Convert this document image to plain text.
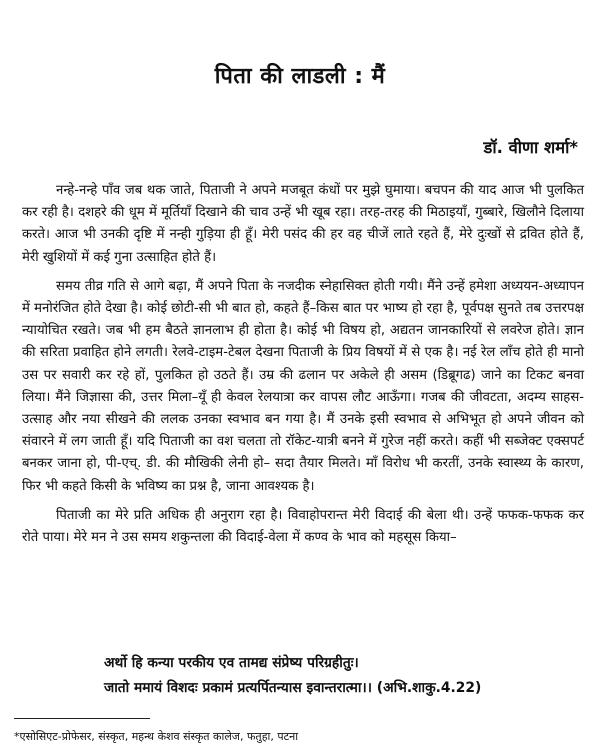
पिता की लाडली : मैं
डॉ. वीणा शर्मा*

नन्हे-नन्हे पाँव जब थक जाते, पिताजी ने अपने मजबूत कंधों पर मुझे घुमाया। बचपन की याद आज भी पुलकित कर रही है। दशहरे की धूम में मूर्तियाँ दिखाने की चाव उन्हें भी खूब रहा। तरह-तरह की मिठाइयाँ, गुब्बारे, खिलौने दिलाया करते। आज भी उनकी दृष्टि में नन्ही गुड़िया ही हूँ। मेरी पसंद की हर वह चीजें लाते रहते हैं, मेरे दुःखों से द्रवित होते हैं, मेरी खुशियों में कई गुना उत्साहित होते हैं।

समय तीव्र गति से आगे बढ़ा, मैं अपने पिता के नजदीक स्नेहासिक्त होती गयी। मैंने उन्हें हमेशा अध्ययन-अध्यापन में मनोरंजित होते देखा है। कोई छोटी-सी भी बात हो, कहते हैं–किस बात पर भाष्य हो रहा है, पूर्वपक्ष सुनते तब उत्तरपक्ष न्यायोचित रखते। जब भी हम बैठते ज्ञानलाभ ही होता है। कोई भी विषय हो, अद्यतन जानकारियों से लवरेज होते। ज्ञान की सरिता प्रवाहित होने लगती। रेलवे-टाइम-टेबल देखना पिताजी के प्रिय विषयों में से एक है। नई रेल लाँच होते ही मानो उस पर सवारी कर रहे हों, पुलकित हो उठते हैं। उम्र की ढलान पर अकेले ही असम (डिब्रूगढ) जाने का टिकट बनवा लिया। मैंने जिज्ञासा की, उत्तर मिला–यूँ ही केवल रेलयात्रा कर वापस लौट आऊँगा। गजब की जीवटता, अदम्य साहस-उत्साह और नया सीखने की ललक उनका स्वभाव बन गया है। मैं उनके इसी स्वभाव से अभिभूत हो अपने जीवन को संवारने में लग जाती हूँ। यदि पिताजी का वश चलता तो रॉकेट-यात्री बनने में गुरेज नहीं करते। कहीं भी सब्जेक्ट एक्सपर्ट बनकर जाना हो, पी-एच्. डी. की मौखिकी लेनी हो– सदा तैयार मिलते। माँ विरोध भी करतीं, उनके स्वास्थ्य के कारण, फिर भी कहते किसी के भविष्य का प्रश्न है, जाना आवश्यक है।

पिताजी का मेरे प्रति अधिक ही अनुराग रहा है। विवाहोपरान्त मेरी विदाई की बेला थी। उन्हें फफक-फफक कर रोते पाया। मेरे मन ने उस समय शकुन्तला की विदाई-वेला में कण्व के भाव को महसूस किया–

अर्थो हि कन्या परकीय एव तामद्य संप्रेष्य परिग्रहीतुः।
जातो ममायं विशदः प्रकामं प्रत्यर्पितन्यास इवान्तरात्मा।। (अभि.शाकु.4.22)
*एसोसिएट-प्रोफेसर, संस्कृत, महन्थ केशव संस्कृत कालेज, फतुहा, पटना
